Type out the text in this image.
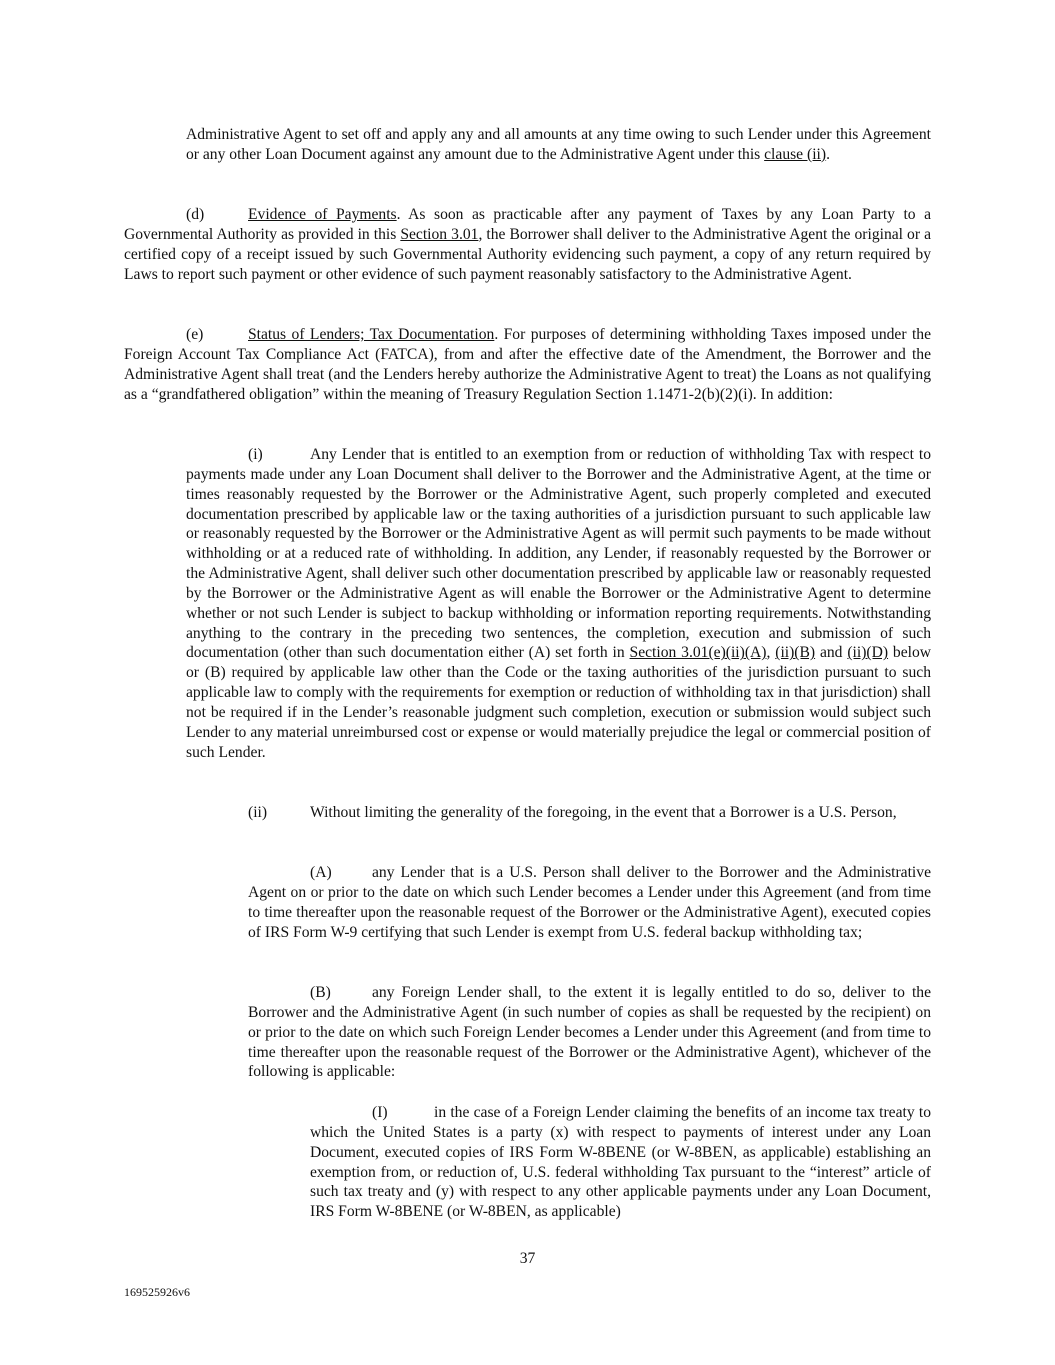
Administrative Agent to set off and apply any and all amounts at any time owing to such Lender under this Agreement or any other Loan Document against any amount due to the Administrative Agent under this clause (ii).

(d)	Evidence of Payments. As soon as practicable after any payment of Taxes by any Loan Party to a Governmental Authority as provided in this Section 3.01, the Borrower shall deliver to the Administrative Agent the original or a certified copy of a receipt issued by such Governmental Authority evidencing such payment, a copy of any return required by Laws to report such payment or other evidence of such payment reasonably satisfactory to the Administrative Agent.

(e)	Status of Lenders; Tax Documentation. For purposes of determining withholding Taxes imposed under the Foreign Account Tax Compliance Act (FATCA), from and after the effective date of the Amendment, the Borrower and the Administrative Agent shall treat (and the Lenders hereby authorize the Administrative Agent to treat) the Loans as not qualifying as a “grandfathered obligation” within the meaning of Treasury Regulation Section 1.1471-2(b)(2)(i). In addition:

(i)	Any Lender that is entitled to an exemption from or reduction of withholding Tax with respect to payments made under any Loan Document shall deliver to the Borrower and the Administrative Agent, at the time or times reasonably requested by the Borrower or the Administrative Agent, such properly completed and executed documentation prescribed by applicable law or the taxing authorities of a jurisdiction pursuant to such applicable law or reasonably requested by the Borrower or the Administrative Agent as will permit such payments to be made without withholding or at a reduced rate of withholding. In addition, any Lender, if reasonably requested by the Borrower or the Administrative Agent, shall deliver such other documentation prescribed by applicable law or reasonably requested by the Borrower or the Administrative Agent as will enable the Borrower or the Administrative Agent to determine whether or not such Lender is subject to backup withholding or information reporting requirements. Notwithstanding anything to the contrary in the preceding two sentences, the completion, execution and submission of such documentation (other than such documentation either (A) set forth in Section 3.01(e)(ii)(A), (ii)(B) and (ii)(D) below or (B) required by applicable law other than the Code or the taxing authorities of the jurisdiction pursuant to such applicable law to comply with the requirements for exemption or reduction of withholding tax in that jurisdiction) shall not be required if in the Lender’s reasonable judgment such completion, execution or submission would subject such Lender to any material unreimbursed cost or expense or would materially prejudice the legal or commercial position of such Lender.

(ii)	Without limiting the generality of the foregoing, in the event that a Borrower is a U.S. Person,

(A)	any Lender that is a U.S. Person shall deliver to the Borrower and the Administrative Agent on or prior to the date on which such Lender becomes a Lender under this Agreement (and from time to time thereafter upon the reasonable request of the Borrower or the Administrative Agent), executed copies of IRS Form W-9 certifying that such Lender is exempt from U.S. federal backup withholding tax;

(B)	any Foreign Lender shall, to the extent it is legally entitled to do so, deliver to the Borrower and the Administrative Agent (in such number of copies as shall be requested by the recipient) on or prior to the date on which such Foreign Lender becomes a Lender under this Agreement (and from time to time thereafter upon the reasonable request of the Borrower or the Administrative Agent), whichever of the following is applicable:

(I)	in the case of a Foreign Lender claiming the benefits of an income tax treaty to which the United States is a party (x) with respect to payments of interest under any Loan Document, executed copies of IRS Form W-8BENE (or W-8BEN, as applicable) establishing an exemption from, or reduction of, U.S. federal withholding Tax pursuant to the “interest” article of such tax treaty and (y) with respect to any other applicable payments under any Loan Document, IRS Form W-8BENE (or W-8BEN, as applicable)

37
169525926v6
